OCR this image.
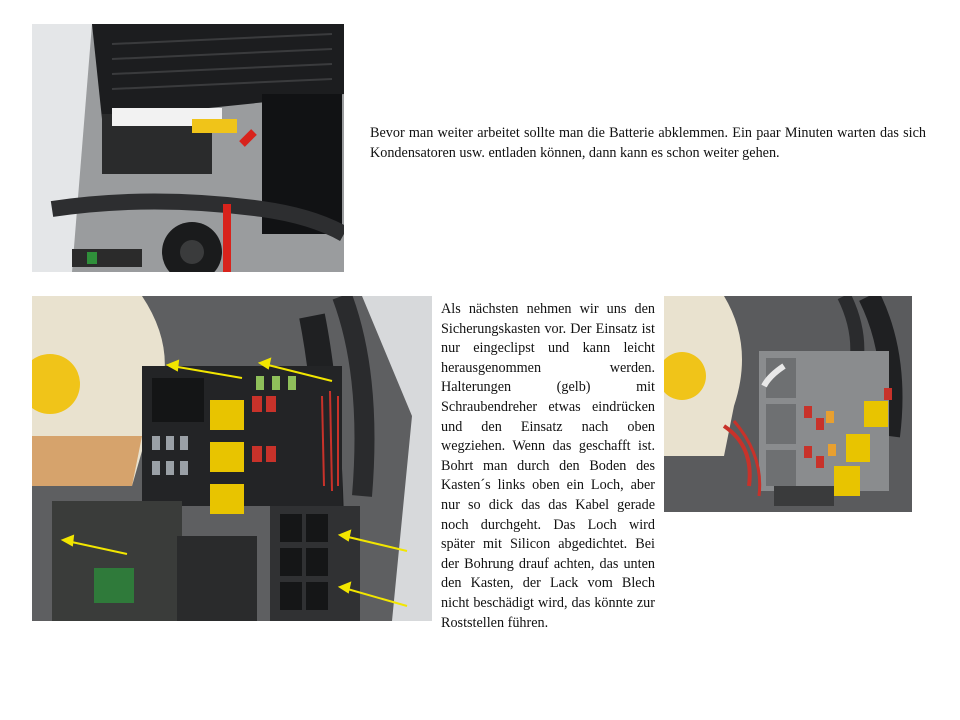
Bevor man weiter arbeitet sollte man die Batterie abklemmen. Ein paar Minuten warten das sich Kondensatoren usw. entladen können, dann kann es schon weiter gehen.

Als nächsten nehmen wir uns den Sicherungskasten vor. Der Einsatz ist nur eingeclipst und kann leicht herausgenommen werden. Halterungen (gelb) mit Schraubendreher etwas eindrücken und den Einsatz nach oben wegziehen. Wenn das geschafft ist. Bohrt man durch den Boden des Kasten´s links oben ein Loch, aber nur so dick das das Kabel gerade noch durchgeht. Das Loch wird später mit Silicon abgedichtet. Bei der Bohrung drauf achten, das unten den Kasten, der Lack vom Blech nicht beschädigt wird, das könnte zur Roststellen führen.
